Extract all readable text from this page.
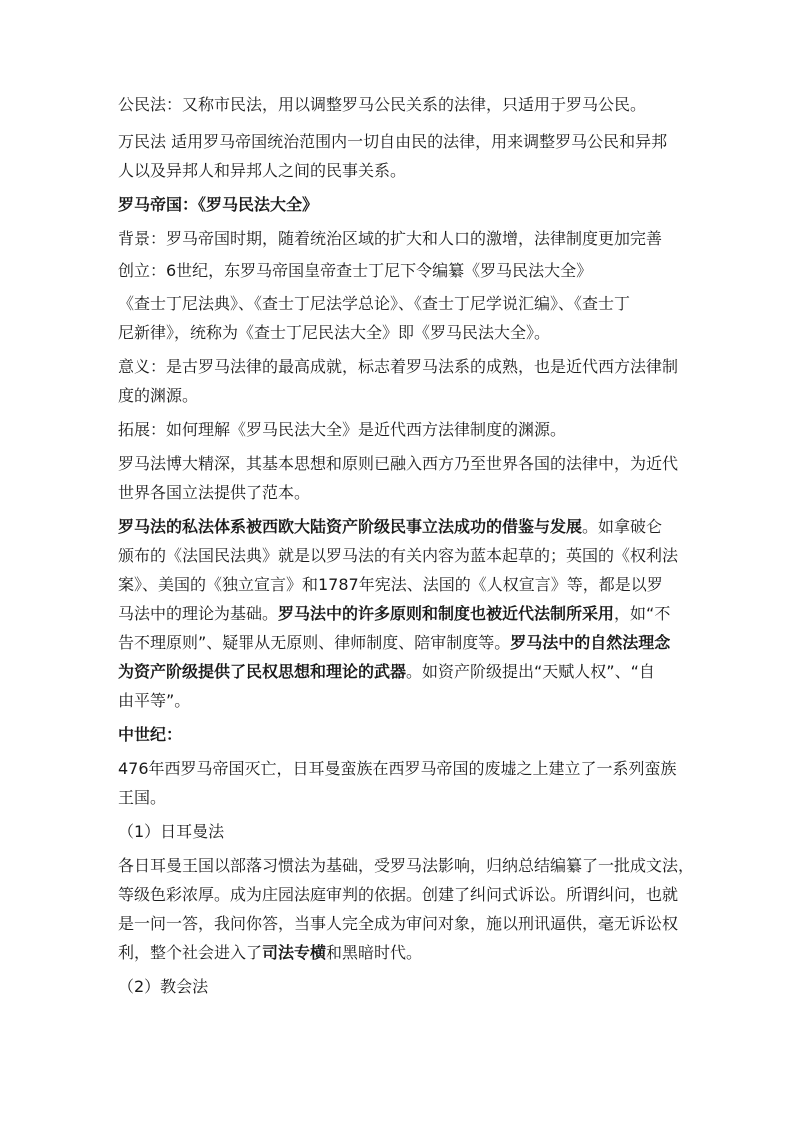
公民法：又称市民法，用以调整罗马公民关系的法律，只适用于罗马公民。
万民法 适用罗马帝国统治范围内一切自由民的法律，用来调整罗马公民和异邦
人以及异邦人和异邦人之间的民事关系。
罗马帝国：《罗马民法大全》
背景：罗马帝国时期，随着统治区域的扩大和人口的激增，法律制度更加完善
创立：6世纪，东罗马帝国皇帝查士丁尼下令编纂《罗马民法大全》
《查士丁尼法典》、《查士丁尼法学总论》、《查士丁尼学说汇编》、《查士丁
尼新律》，统称为《查士丁尼民法大全》即《罗马民法大全》。
意义：是古罗马法律的最高成就，标志着罗马法系的成熟，也是近代西方法律制
度的渊源。
拓展：如何理解《罗马民法大全》是近代西方法律制度的渊源。
罗马法博大精深，其基本思想和原则已融入西方乃至世界各国的法律中，为近代
世界各国立法提供了范本。
罗马法的私法体系被西欧大陆资产阶级民事立法成功的借鉴与发展。如拿破仑
颁布的《法国民法典》就是以罗马法的有关内容为蓝本起草的；英国的《权利法
案》、美国的《独立宣言》和1787年宪法、法国的《人权宣言》等，都是以罗
马法中的理论为基础。罗马法中的许多原则和制度也被近代法制所采用，如“不
告不理原则”、疑罪从无原则、律师制度、陪审制度等。罗马法中的自然法理念
为资产阶级提供了民权思想和理论的武器。如资产阶级提出“天赋人权”、“自
由平等”。
中世纪：
476年西罗马帝国灭亡，日耳曼蛮族在西罗马帝国的废墟之上建立了一系列蛮族
王国。
（1）日耳曼法
各日耳曼王国以部落习惯法为基础，受罗马法影响，归纳总结编纂了一批成文法，
等级色彩浓厚。成为庄园法庭审判的依据。创建了纠问式诉讼。所谓纠问，也就
是一问一答，我问你答，当事人完全成为审问对象，施以刑讯逼供，毫无诉讼权
利，整个社会进入了司法专横和黑暗时代。
（2）教会法
